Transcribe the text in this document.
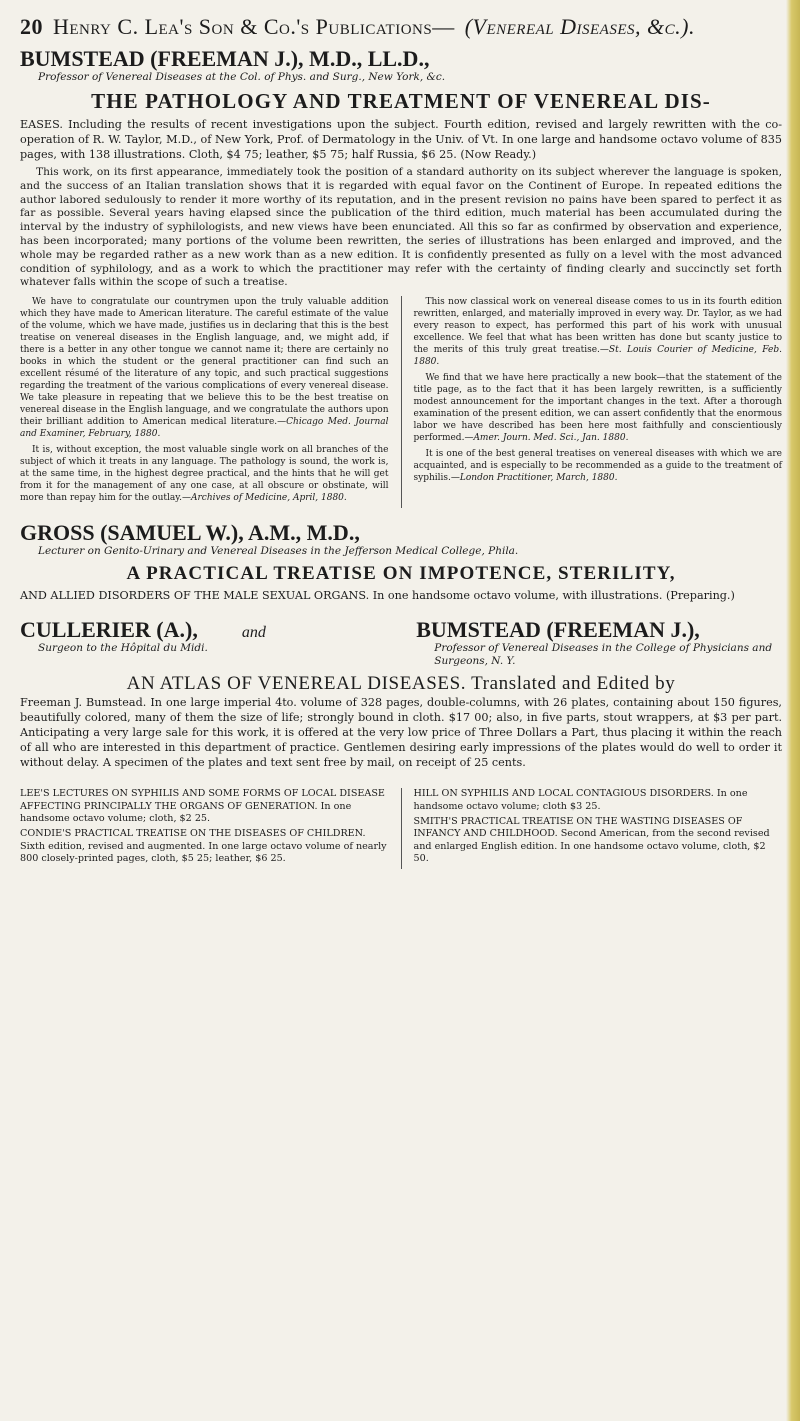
20 Henry C. Lea's Son & Co.'s Publications— (Venereal Diseases, &c.).
BUMSTEAD (FREEMAN J.), M.D., LL.D.,
Professor of Venereal Diseases at the Col. of Phys. and Surg., New York, &c.
THE PATHOLOGY AND TREATMENT OF VENEREAL DIS-
EASES. Including the results of recent investigations upon the subject. Fourth edition, revised and largely rewritten with the co-operation of R. W. Taylor, M.D., of New York, Prof. of Dermatology in the Univ. of Vt. In one large and handsome octavo volume of 835 pages, with 138 illustrations. Cloth, $4 75; leather, $5 75; half Russia, $6 25. (Now Ready.)
This work, on its first appearance, immediately took the position of a standard authority on its subject wherever the language is spoken, and the success of an Italian translation shows that it is regarded with equal favor on the Continent of Europe. In repeated editions the author labored sedulously to render it more worthy of its reputation, and in the present revision no pains have been spared to perfect it as far as possible. Several years having elapsed since the publication of the third edition, much material has been accumulated during the interval by the industry of syphilologists, and new views have been enunciated. All this so far as confirmed by observation and experience, has been incorporated; many portions of the volume been rewritten, the series of illustrations has been enlarged and improved, and the whole may be regarded rather as a new work than as a new edition. It is confidently presented as fully on a level with the most advanced condition of syphilology, and as a work to which the practitioner may refer with the certainty of finding clearly and succinctly set forth whatever falls within the scope of such a treatise.

We have to congratulate our countrymen upon the truly valuable addition which they have made to American literature. The careful estimate of the value of the volume, which we have made, justifies us in declaring that this is the best treatise on venereal diseases in the English language, and, we might add, if there is a better in any other tongue we cannot name it; there are certainly no books in which the student or the general practitioner can find such an excellent résumé of the literature of any topic, and such practical suggestions regarding the treatment of the various complications of every venereal disease. We take pleasure in repeating that we believe this to be the best treatise on venereal disease in the English language, and we congratulate the authors upon their brilliant addition to American medical literature.—Chicago Med. Journal and Examiner, February, 1880.

It is, without exception, the most valuable single work on all branches of the subject of which it treats in any language. The pathology is sound, the work is, at the same time, in the highest degree practical, and the hints that he will get from it for the management of any one case, at all obscure or obstinate, will more than repay him for the outlay.—Archives of Medicine, April, 1880.

This now classical work on venereal disease comes to us in its fourth edition rewritten, enlarged, and materially improved in every way. Dr. Taylor, as we had every reason to expect, has performed this part of his work with unusual excellence. We feel that what has been written has done but scanty justice to the merits of this truly great treatise.—St. Louis Courier of Medicine, Feb. 1880.

We find that we have here practically a new book—that the statement of the title page, as to the fact that it has been largely rewritten, is a sufficiently modest announcement for the important changes in the text. After a thorough examination of the present edition, we can assert confidently that the enormous labor we have described has been here most faithfully and conscientiously performed.—Amer. Journ. Med. Sci., Jan. 1880.

It is one of the best general treatises on venereal diseases with which we are acquainted, and is especially to be recommended as a guide to the treatment of syphilis.—London Practitioner, March, 1880.

GROSS (SAMUEL W.), A.M., M.D.,
Lecturer on Genito-Urinary and Venereal Diseases in the Jefferson Medical College, Phila.
A PRACTICAL TREATISE ON IMPOTENCE, STERILITY,
AND ALLIED DISORDERS OF THE MALE SEXUAL ORGANS. In one handsome octavo volume, with illustrations. (Preparing.)
CULLERIER (A.),	and
Surgeon to the Hôpital du Midi.
BUMSTEAD (FREEMAN J.),
Professor of Venereal Diseases in the College of Physicians and Surgeons, N. Y.
AN ATLAS OF VENEREAL DISEASES. Translated and Edited by
Freeman J. Bumstead. In one large imperial 4to. volume of 328 pages, double-columns, with 26 plates, containing about 150 figures, beautifully colored, many of them the size of life; strongly bound in cloth. $17 00; also, in five parts, stout wrappers, at $3 per part. Anticipating a very large sale for this work, it is offered at the very low price of Three Dollars a Part, thus placing it within the reach of all who are interested in this department of practice. Gentlemen desiring early impressions of the plates would do well to order it without delay. A specimen of the plates and text sent free by mail, on receipt of 25 cents.
LEE'S LECTURES ON SYPHILIS AND SOME FORMS OF LOCAL DISEASE AFFECTING PRINCIPALLY THE ORGANS OF GENERATION. In one handsome octavo volume; cloth, $2 25.
CONDIE'S PRACTICAL TREATISE ON THE DISEASES OF CHILDREN. Sixth edition, revised and augmented. In one large octavo volume of nearly 800 closely-printed pages, cloth, $5 25; leather, $6 25.
HILL ON SYPHILIS AND LOCAL CONTAGIOUS DISORDERS. In one handsome octavo volume; cloth $3 25.
SMITH'S PRACTICAL TREATISE ON THE WASTING DISEASES OF INFANCY AND CHILDHOOD. Second American, from the second revised and enlarged English edition. In one handsome octavo volume, cloth, $2 50.
